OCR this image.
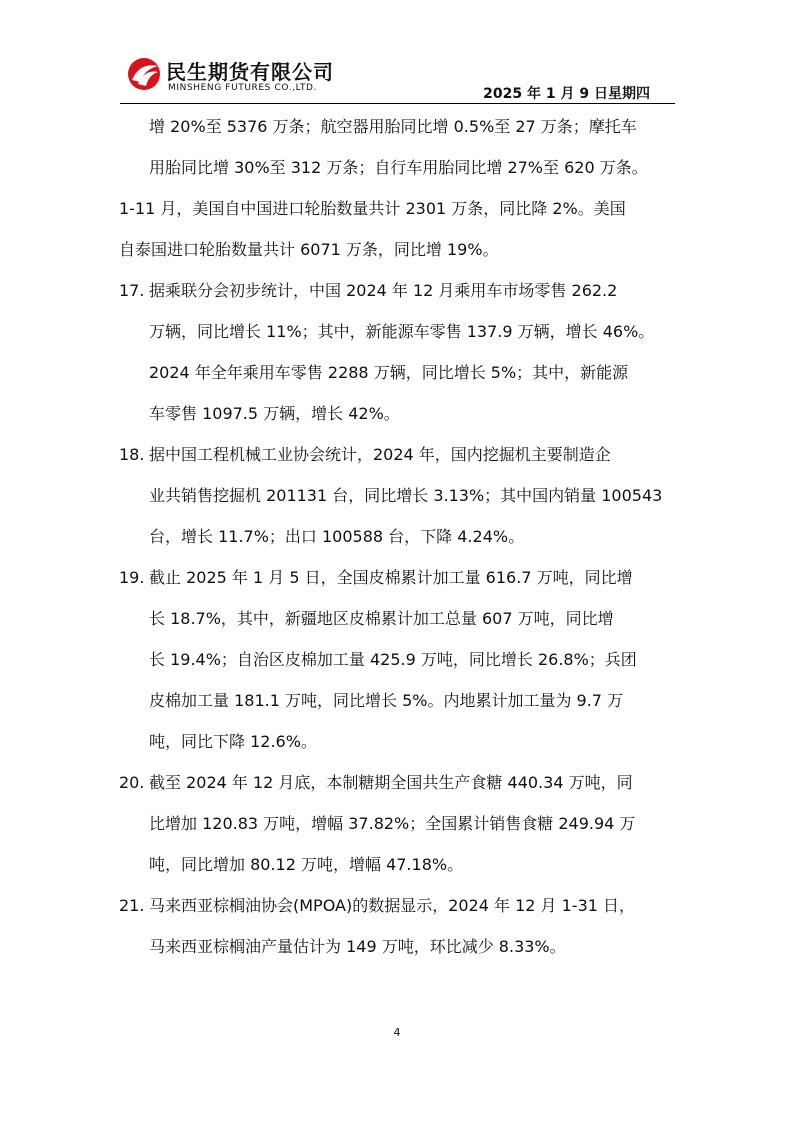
民生期货有限公司
MINSHENG FUTURES CO.,LTD.	2025 年 1 月 9 日星期四
增 20%至 5376 万条；航空器用胎同比增 0.5%至 27 万条；摩托车
用胎同比增 30%至 312 万条；自行车用胎同比增 27%至 620 万条。
1-11 月，美国自中国进口轮胎数量共计 2301 万条，同比降 2%。美国
自泰国进口轮胎数量共计 6071 万条，同比增 19%。
17. 据乘联分会初步统计，中国 2024 年 12 月乘用车市场零售 262.2
万辆，同比增长 11%；其中，新能源车零售 137.9 万辆，增长 46%。
2024 年全年乘用车零售 2288 万辆，同比增长 5%；其中，新能源
车零售 1097.5 万辆，增长 42%。
18. 据中国工程机械工业协会统计，2024 年，国内挖掘机主要制造企
业共销售挖掘机 201131 台，同比增长 3.13%；其中国内销量 100543
台，增长 11.7%；出口 100588 台，下降 4.24%。
19. 截止 2025 年 1 月 5 日，全国皮棉累计加工量 616.7 万吨，同比增
长 18.7%，其中，新疆地区皮棉累计加工总量 607 万吨，同比增
长 19.4%；自治区皮棉加工量 425.9 万吨，同比增长 26.8%；兵团
皮棉加工量 181.1 万吨，同比增长 5%。内地累计加工量为 9.7 万
吨，同比下降 12.6%。
20. 截至 2024 年 12 月底，本制糖期全国共生产食糖 440.34 万吨，同
比增加 120.83 万吨，增幅 37.82%；全国累计销售食糖 249.94 万
吨，同比增加 80.12 万吨，增幅 47.18%。
21. 马来西亚棕榈油协会(MPOA)的数据显示，2024 年 12 月 1-31 日，
马来西亚棕榈油产量估计为 149 万吨，环比减少 8.33%。
4
